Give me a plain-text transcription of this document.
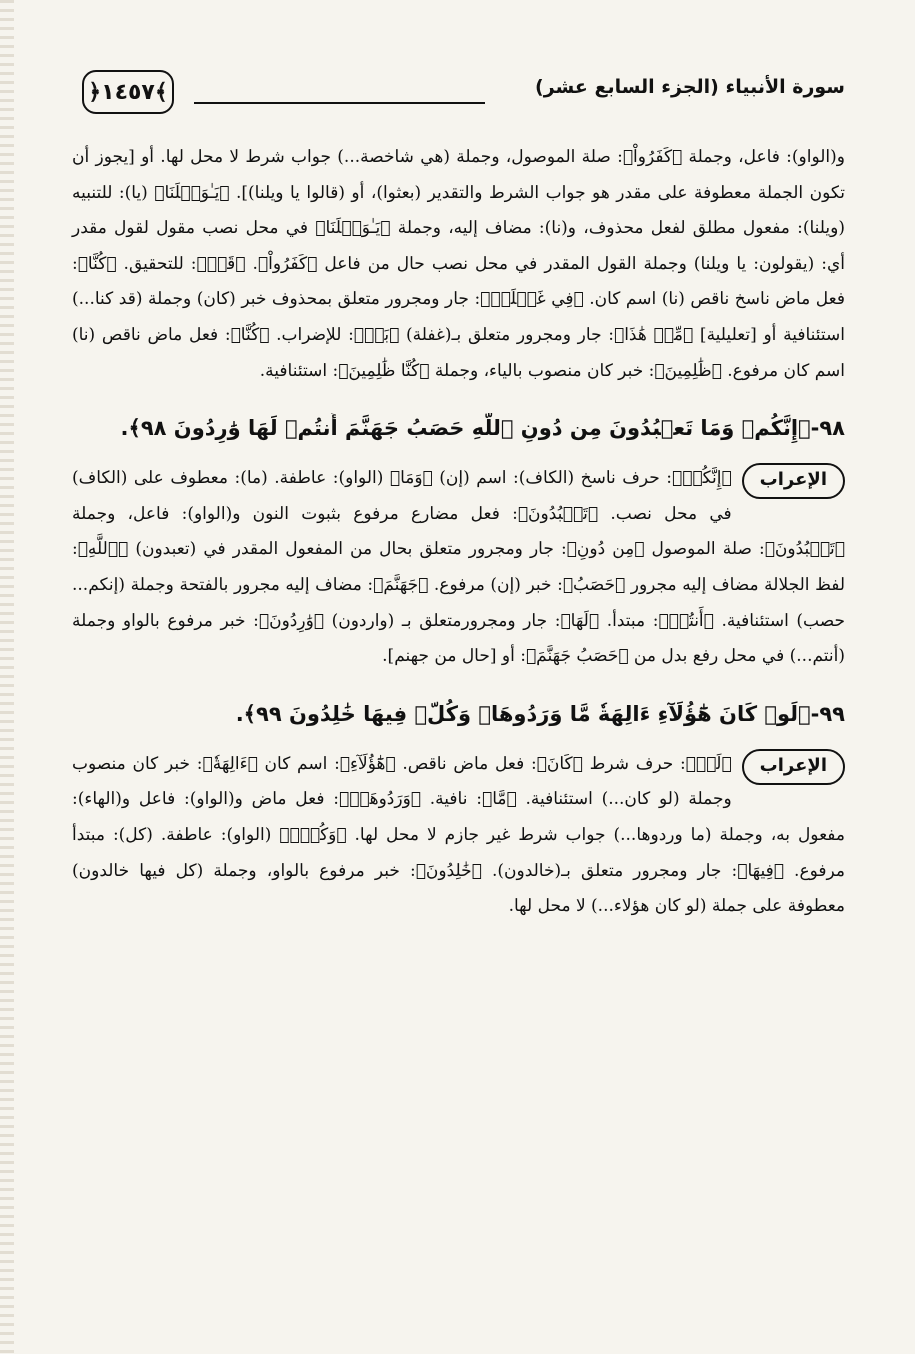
﴿١٤٥٧﴾	سورة الأنبياء (الجزء السابع عشر)

و(الواو): فاعل، وجملة ﴿كَفَرُواْ﴾: صلة الموصول، وجملة (هي شاخصة...) جواب شرط لا محل لها. أو [يجوز أن تكون الجملة معطوفة على مقدر هو جواب الشرط والتقدير (بعثوا)، أو (قالوا يا ويلنا)]. ﴿يَـٰوَيۡلَنَا﴾ (يا): للتنبيه (ويلنا): مفعول مطلق لفعل محذوف، و(نا): مضاف إليه، وجملة ﴿يَـٰوَيۡلَنَا﴾ في محل نصب مقول لقول مقدر أي: (يقولون: يا ويلنا) وجملة القول المقدر في محل نصب حال من فاعل ﴿كَفَرُواْ﴾. ﴿قَدۡ﴾: للتحقيق. ﴿كُنَّا﴾: فعل ماض ناسخ ناقص (نا) اسم كان. ﴿فِي غَفۡلَةٖ﴾: جار ومجرور متعلق بمحذوف خبر (كان) وجملة (قد كنا...) استئنافية أو [تعليلية] ﴿مِّنۡ هَٰذَا﴾: جار ومجرور متعلق بـ(غفلة) ﴿بَلۡ﴾: للإضراب. ﴿كُنَّا﴾: فعل ماض ناقص (نا) اسم كان مرفوع. ﴿ظَٰلِمِينَ﴾: خبر كان منصوب بالياء، وجملة ﴿كُنَّا ظَٰلِمِينَ﴾: استئنافية.

٩٨-﴿إِنَّكُمۡ وَمَا تَعۡبُدُونَ مِن دُونِ ٱللَّهِ حَصَبُ جَهَنَّمَ أَنتُمۡ لَهَا وَٰرِدُونَ ٩٨﴾.
الإعراب

﴿إِنَّكُمۡ﴾: حرف ناسخ (الكاف): اسم (إن) ﴿وَمَا﴾ (الواو): عاطفة. (ما): معطوف على (الكاف) في محل نصب. ﴿تَعۡبُدُونَ﴾: فعل مضارع مرفوع بثبوت النون و(الواو): فاعل، وجملة ﴿تَعۡبُدُونَ﴾: صلة الموصول ﴿مِن دُونِ﴾: جار ومجرور متعلق بحال من المفعول المقدر في (تعبدون) ﴿ٱللَّهِ﴾: لفظ الجلالة مضاف إليه مجرور ﴿حَصَبُ﴾: خبر (إن) مرفوع. ﴿جَهَنَّمَ﴾: مضاف إليه مجرور بالفتحة وجملة (إنكم... حصب) استئنافية. ﴿أَنتُمۡ﴾: مبتدأ. ﴿لَهَا﴾: جار ومجرورمتعلق بـ (واردون) ﴿وَٰرِدُونَ﴾: خبر مرفوع بالواو وجملة (أنتم...) في محل رفع بدل من ﴿حَصَبُ جَهَنَّمَ﴾: أو [حال من جهنم].

٩٩-﴿لَوۡ كَانَ هَٰٓؤُلَآءِ ءَالِهَةٗ مَّا وَرَدُوهَاۖ وَكُلّٞ فِيهَا خَٰلِدُونَ ٩٩﴾.
الإعراب

﴿لَوۡ﴾: حرف شرط ﴿كَانَ﴾: فعل ماض ناقص. ﴿هَٰٓؤُلَآءِ﴾: اسم كان ﴿ءَالِهَةٗ﴾: خبر كان منصوب وجملة (لو كان...) استئنافية. ﴿مَّا﴾: نافية. ﴿وَرَدُوهَاۖ﴾: فعل ماض و(الواو): فاعل و(الهاء): مفعول به، وجملة (ما وردوها...) جواب شرط غير جازم لا محل لها. ﴿وَكُلّٞ﴾ (الواو): عاطفة. (كل): مبتدأ مرفوع. ﴿فِيهَا﴾: جار ومجرور متعلق بـ(خالدون). ﴿خَٰلِدُونَ﴾: خبر مرفوع بالواو، وجملة (كل فيها خالدون) معطوفة على جملة (لو كان هؤلاء...) لا محل لها.
